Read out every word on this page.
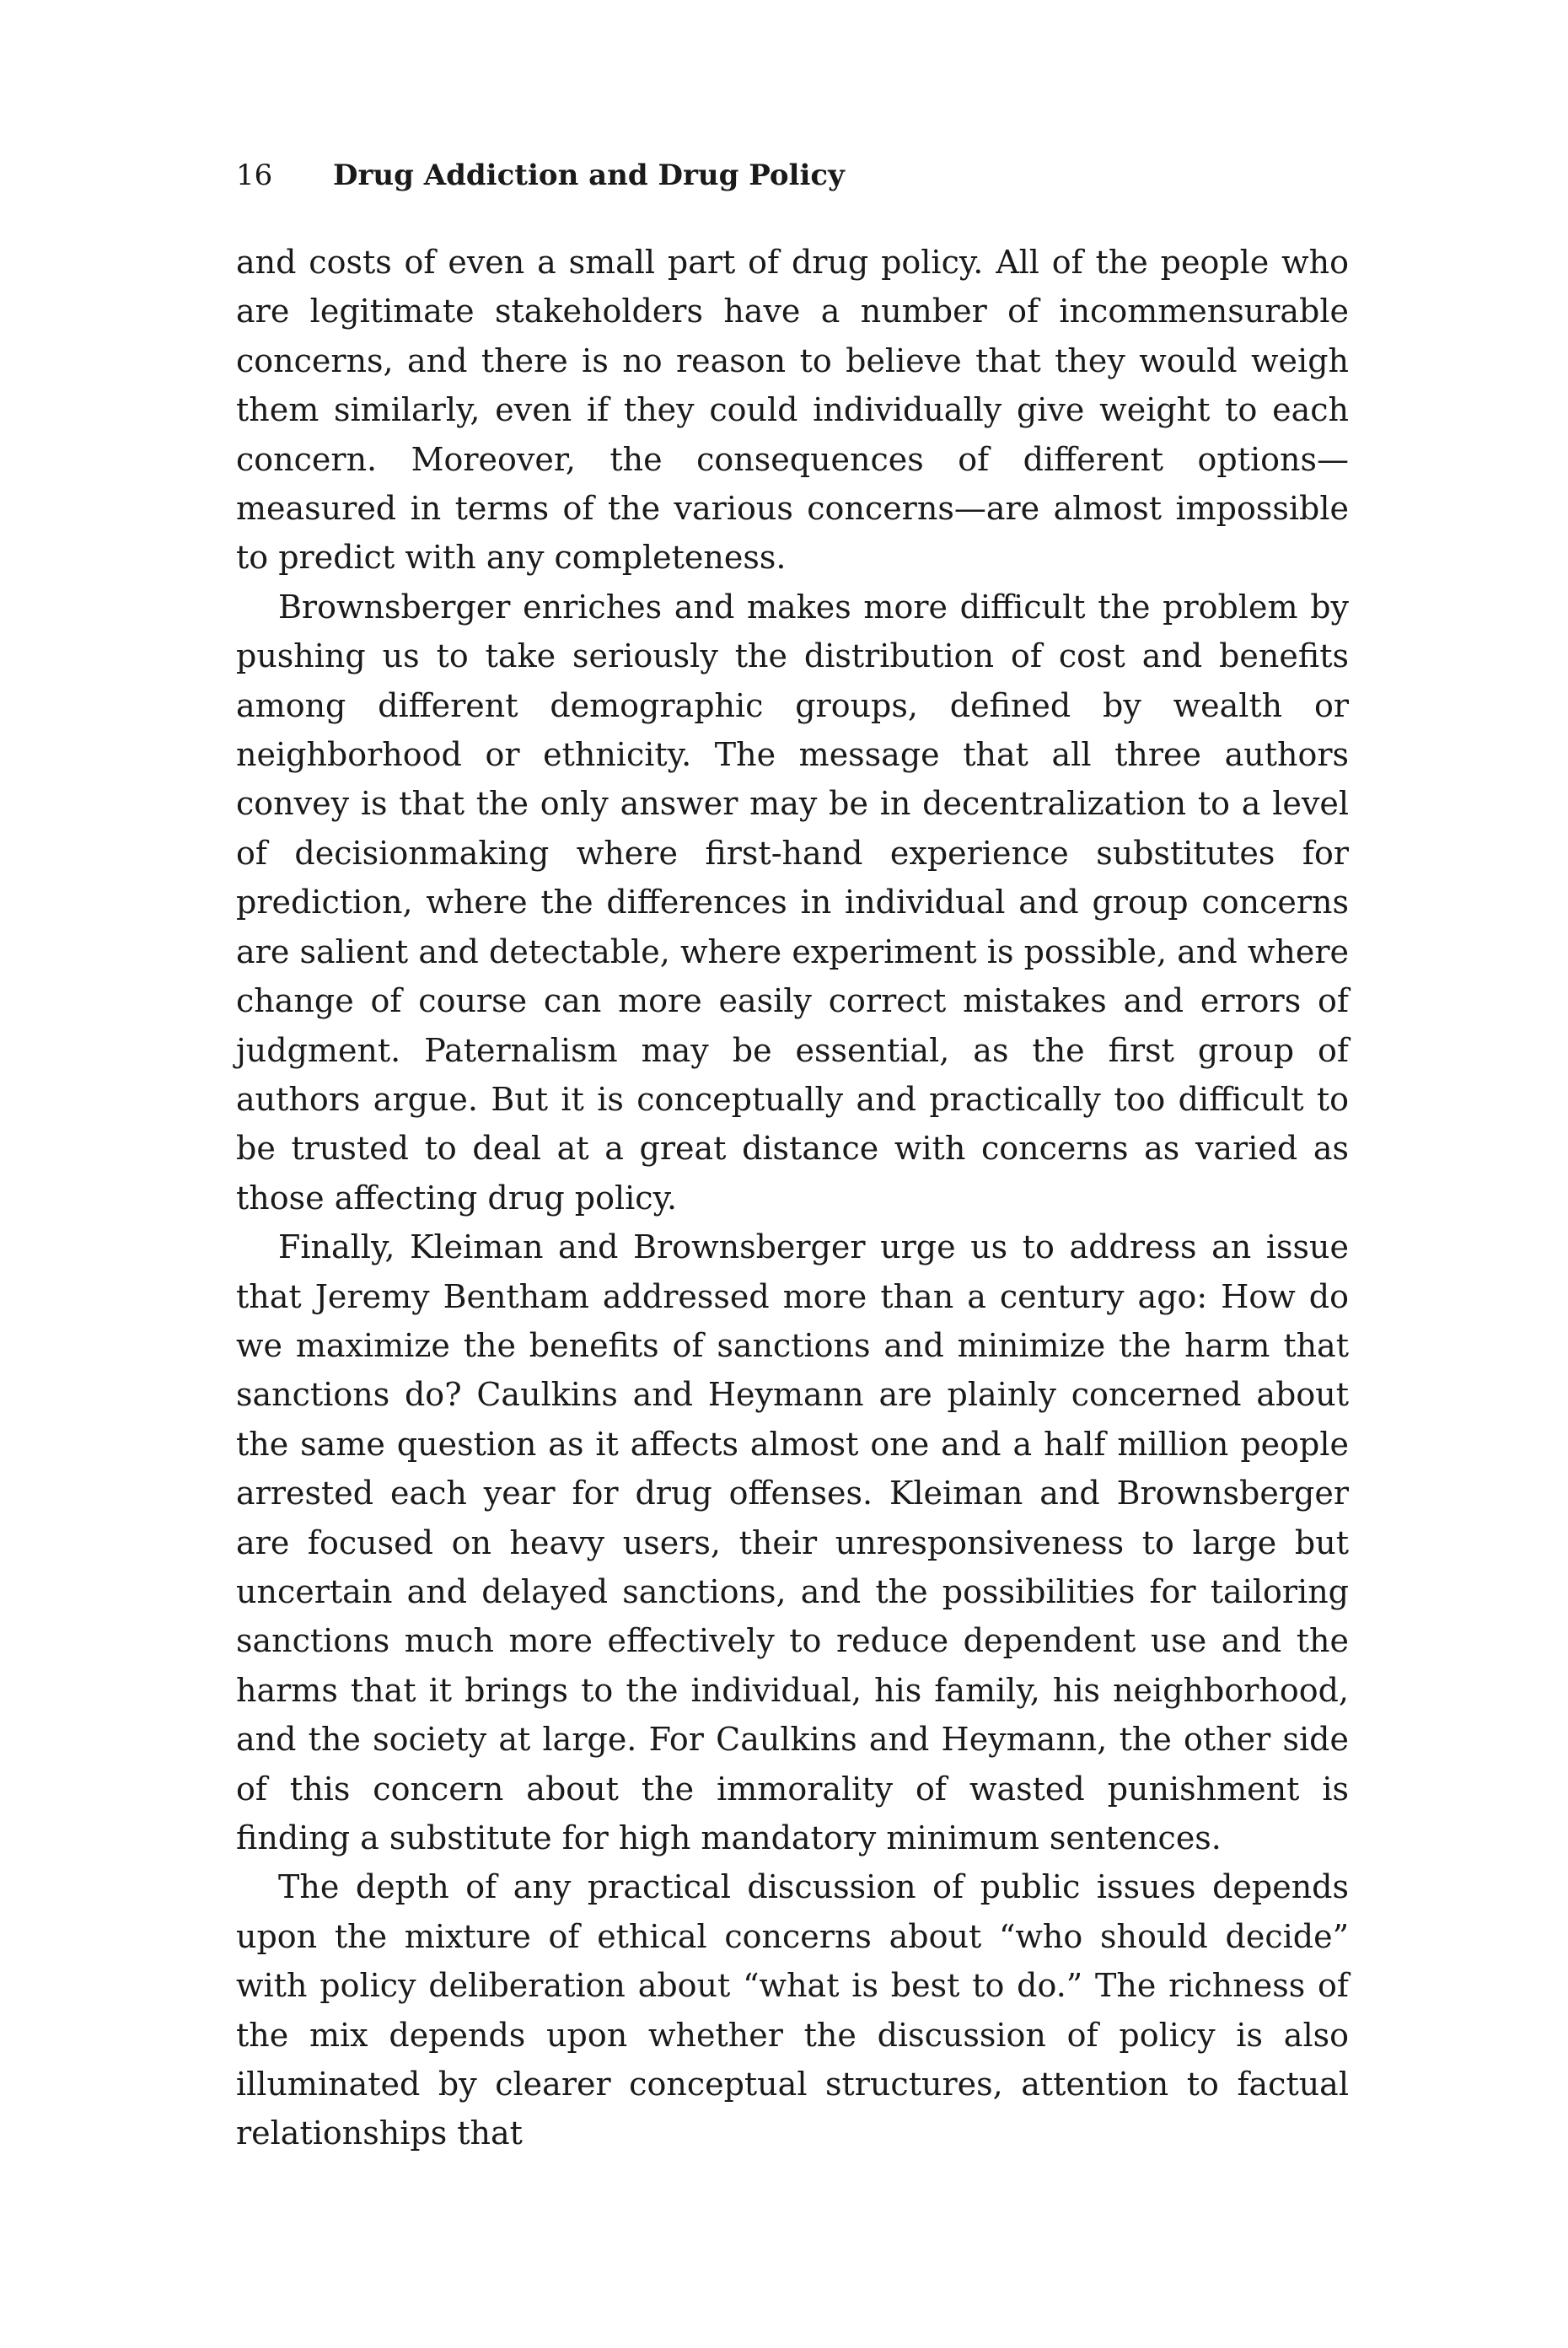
16 Drug Addiction and Drug Policy

and costs of even a small part of drug policy. All of the people who are legitimate stakeholders have a number of incommensurable concerns, and there is no reason to believe that they would weigh them similarly, even if they could individually give weight to each concern. Moreover, the consequences of different options—measured in terms of the various concerns—are almost impossible to predict with any completeness.

Brownsberger enriches and makes more difficult the problem by pushing us to take seriously the distribution of cost and benefits among different demographic groups, defined by wealth or neighborhood or ethnicity. The message that all three authors convey is that the only answer may be in decentralization to a level of decisionmaking where first-hand experience substitutes for prediction, where the differences in individual and group concerns are salient and detectable, where experiment is possible, and where change of course can more easily correct mistakes and errors of judgment. Paternalism may be essential, as the first group of authors argue. But it is conceptually and practically too difficult to be trusted to deal at a great distance with concerns as varied as those affecting drug policy.

Finally, Kleiman and Brownsberger urge us to address an issue that Jeremy Bentham addressed more than a century ago: How do we maximize the benefits of sanctions and minimize the harm that sanctions do? Caulkins and Heymann are plainly concerned about the same question as it affects almost one and a half million people arrested each year for drug offenses. Kleiman and Brownsberger are focused on heavy users, their unresponsiveness to large but uncertain and delayed sanctions, and the possibilities for tailoring sanctions much more effectively to reduce dependent use and the harms that it brings to the individual, his family, his neighborhood, and the society at large. For Caulkins and Heymann, the other side of this concern about the immorality of wasted punishment is finding a substitute for high mandatory minimum sentences.

The depth of any practical discussion of public issues depends upon the mixture of ethical concerns about “who should decide” with policy deliberation about “what is best to do.” The richness of the mix depends upon whether the discussion of policy is also illuminated by clearer conceptual structures, attention to factual relationships that
